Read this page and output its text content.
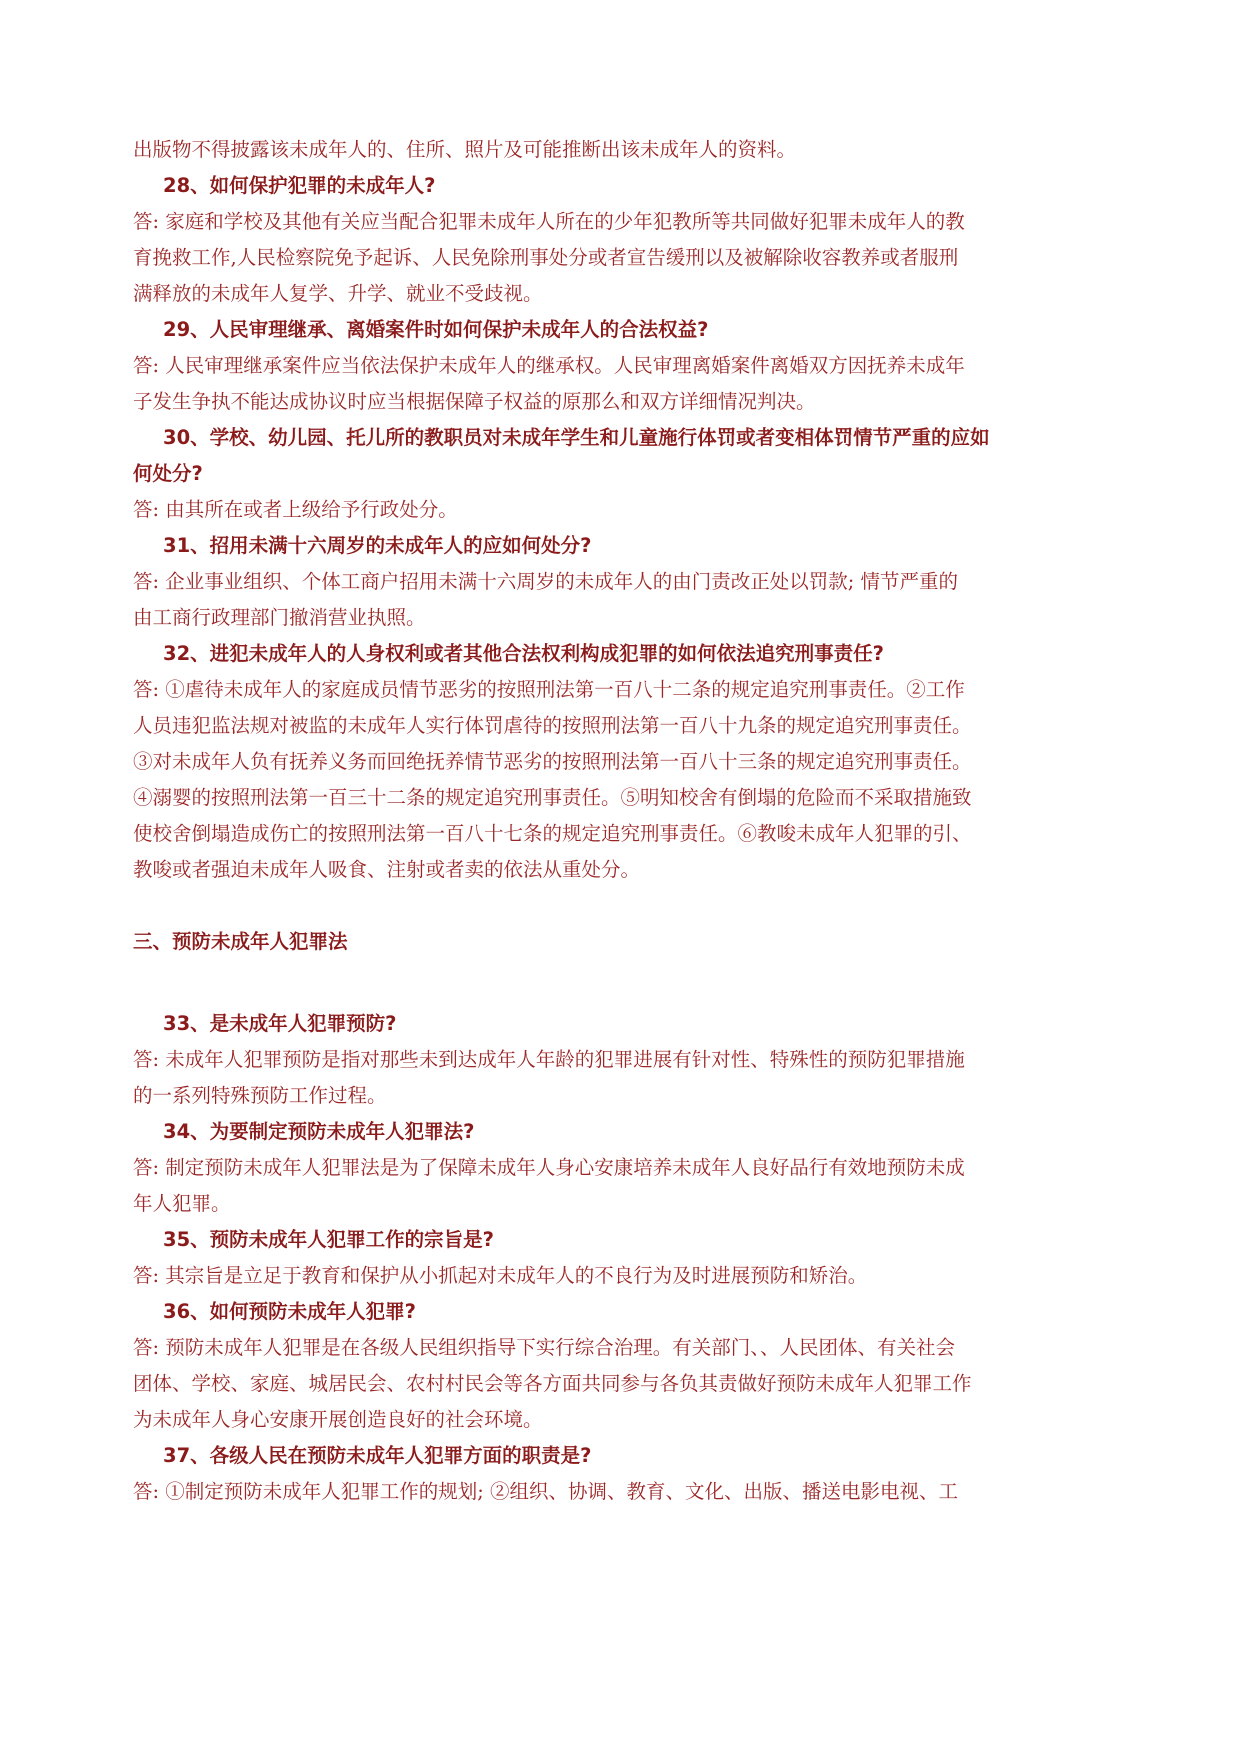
出版物不得披露该未成年人的、住所、照片及可能推断出该未成年人的资料。
28、如何保护犯罪的未成年人?
答: 家庭和学校及其他有关应当配合犯罪未成年人所在的少年犯教所等共同做好犯罪未成年人的教
育挽救工作,人民检察院免予起诉、人民免除刑事处分或者宣告缓刑以及被解除收容教养或者服刑
满释放的未成年人复学、升学、就业不受歧视。
29、人民审理继承、离婚案件时如何保护未成年人的合法权益?
答: 人民审理继承案件应当依法保护未成年人的继承权。人民审理离婚案件离婚双方因抚养未成年
子发生争执不能达成协议时应当根据保障子权益的原那么和双方详细情况判决。
30、学校、幼儿园、托儿所的教职员对未成年学生和儿童施行体罚或者变相体罚情节严重的应如
何处分?
答: 由其所在或者上级给予行政处分。
31、招用未满十六周岁的未成年人的应如何处分?
答: 企业事业组织、个体工商户招用未满十六周岁的未成年人的由门责改正处以罚款; 情节严重的
由工商行政理部门撤消营业执照。
32、进犯未成年人的人身权利或者其他合法权利构成犯罪的如何依法追究刑事责任?
答: ①虐待未成年人的家庭成员情节恶劣的按照刑法第一百八十二条的规定追究刑事责任。②工作
人员违犯监法规对被监的未成年人实行体罚虐待的按照刑法第一百八十九条的规定追究刑事责任。
③对未成年人负有抚养义务而回绝抚养情节恶劣的按照刑法第一百八十三条的规定追究刑事责任。
④溺婴的按照刑法第一百三十二条的规定追究刑事责任。⑤明知校舍有倒塌的危险而不采取措施致
使校舍倒塌造成伤亡的按照刑法第一百八十七条的规定追究刑事责任。⑥教唆未成年人犯罪的引、
教唆或者强迫未成年人吸食、注射或者卖的依法从重处分。
三、预防未成年人犯罪法
33、是未成年人犯罪预防?
答: 未成年人犯罪预防是指对那些未到达成年人年龄的犯罪进展有针对性、特殊性的预防犯罪措施
的一系列特殊预防工作过程。
34、为要制定预防未成年人犯罪法?
答: 制定预防未成年人犯罪法是为了保障未成年人身心安康培养未成年人良好品行有效地预防未成
年人犯罪。
35、预防未成年人犯罪工作的宗旨是?
答: 其宗旨是立足于教育和保护从小抓起对未成年人的不良行为及时进展预防和矫治。
36、如何预防未成年人犯罪?
答: 预防未成年人犯罪是在各级人民组织指导下实行综合治理。有关部门、、人民团体、有关社会
团体、学校、家庭、城居民会、农村村民会等各方面共同参与各负其责做好预防未成年人犯罪工作
为未成年人身心安康开展创造良好的社会环境。
37、各级人民在预防未成年人犯罪方面的职责是?
答: ①制定预防未成年人犯罪工作的规划; ②组织、协调、教育、文化、出版、播送电影电视、工
